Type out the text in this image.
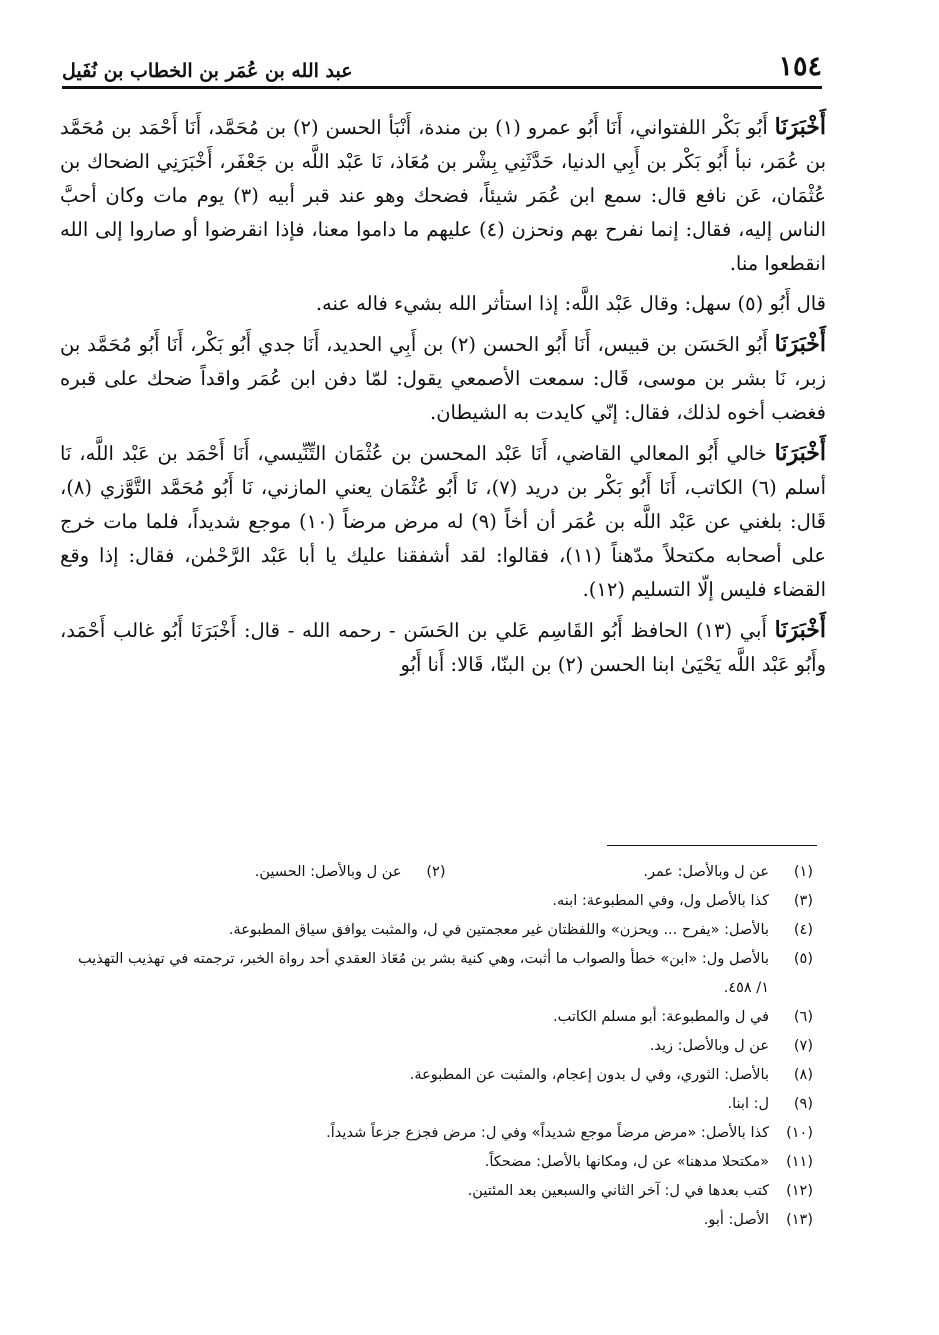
١٥٤
عبد الله بن عُمَر بن الخطاب بن نُفَيل

أَخْبَرَنَا أَبُو بَكْر اللفتواني، أَنَا أَبُو عمرو (١) بن مندة، أَنْبَأ الحسن (٢) بن مُحَمَّد، أَنَا أَحْمَد بن مُحَمَّد بن عُمَر، نبأ أَبُو بَكْر بن أَبِي الدنيا، حَدَّثَنِي بِشْر بن مُعَاذ، نَا عَبْد اللَّه بن جَعْفَر، أَخْبَرَنِي الضحاك بن عُثْمَان، عَن نافع قال: سمع ابن عُمَر شيئاً، فضحك وهو عند قبر أبيه (٣) يوم مات وكان أحبَّ الناس إليه، فقال: إنما نفرح بهم ونحزن (٤) عليهم ما داموا معنا، فإذا انقرضوا أو صاروا إلى الله انقطعوا منا.

قال أَبُو (٥) سهل: وقال عَبْد اللَّه: إذا استأثر الله بشيء فاله عنه.

أَخْبَرَنَا أَبُو الحَسَن بن قبيس، أَنَا أَبُو الحسن (٢) بن أَبِي الحديد، أَنَا جدي أَبُو بَكْر، أَنَا أَبُو مُحَمَّد بن زبر، نَا بشر بن موسى، قَال: سمعت الأصمعي يقول: لمّا دفن ابن عُمَر واقداً ضحك على قبره فغضب أخوه لذلك، فقال: إنّي كايدت به الشيطان.

أَخْبَرَنَا خالي أَبُو المعالي القاضي، أَنَا عَبْد المحسن بن عُثْمَان التِّنِّيسي، أَنَا أَحْمَد بن عَبْد اللَّه، نَا أسلم (٦) الكاتب، أَنَا أَبُو بَكْر بن دريد (٧)، نَا أَبُو عُثْمَان يعني المازني، نَا أَبُو مُحَمَّد التَّوَّزي (٨)، قَال: بلغني عن عَبْد اللَّه بن عُمَر أن أخاً (٩) له مرض مرضاً (١٠) موجع شديداً، فلما مات خرج على أصحابه مكتحلاً مدّهناً (١١)، فقالوا: لقد أشفقنا عليك يا أبا عَبْد الرَّحْمٰن، فقال: إذا وقع القضاء فليس إلّا التسليم (١٢).

أَخْبَرَنَا أَبي (١٣) الحافظ أَبُو القَاسِم عَلي بن الحَسَن - رحمه الله - قال: أَخْبَرَنَا أَبُو غالب أَحْمَد، وأَبُو عَبْد اللَّه يَحْيَىٰ ابنا الحسن (٢) بن البنّا، قَالا: أَنا أَبُو

(١)
عن ل وبالأصل: عمر.
(٢)
عن ل وبالأصل: الحسين.
(٣)
كذا بالأصل ول، وفي المطبوعة: ابنه.
(٤)
بالأصل: «يفرح ... ويحزن» واللفظتان غير معجمتين في ل، والمثبت يوافق سياق المطبوعة.
(٥)
بالأصل ول: «ابن» خطأ والصواب ما أثبت، وهي كنية بشر بن مُعَاذ العقدي أحد رواة الخبر، ترجمته في تهذيب التهذيب ١/ ٤٥٨.
(٦)
في ل والمطبوعة: أبو مسلم الكاتب.
(٧)
عن ل وبالأصل: زيد.
(٨)
بالأصل: الثوري، وفي ل بدون إعجام، والمثبت عن المطبوعة.
(٩)
ل: ابنا.
(١٠)
كذا بالأصل: «مرض مرضاً موجع شديداً» وفي ل: مرض فجزع جزعاً شديداً.
(١١)
«مكتحلا مدهنا» عن ل، ومكانها بالأصل: مضحكاً.
(١٢)
كتب بعدها في ل: آخر الثاني والسبعين بعد المئتين.
(١٣)
الأصل: أبو.
